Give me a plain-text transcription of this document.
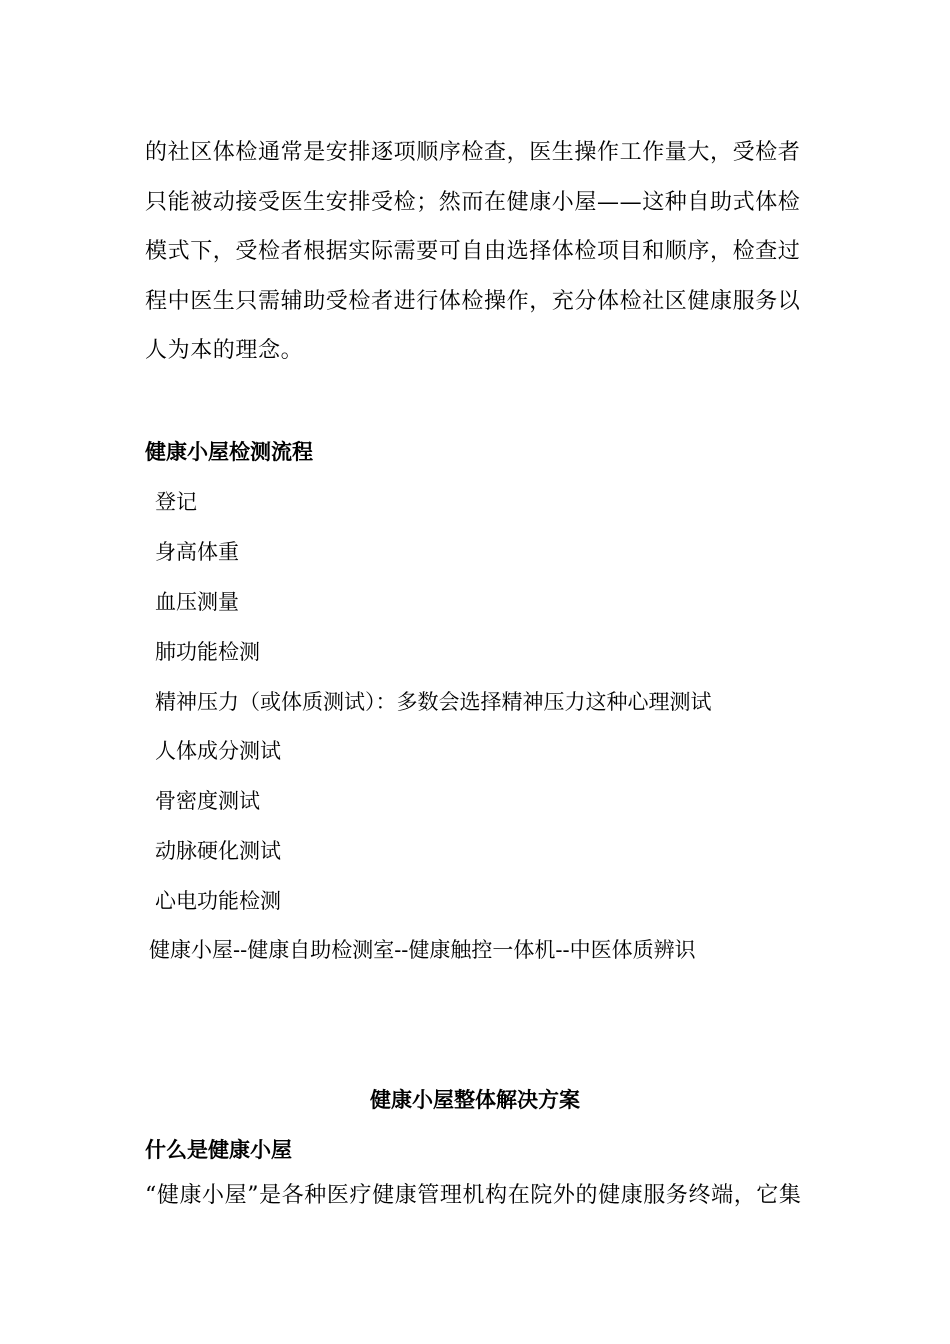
的社区体检通常是安排逐项顺序检查，医生操作工作量大，受检者
只能被动接受医生安排受检；然而在健康小屋——这种自助式体检
模式下，受检者根据实际需要可自由选择体检项目和顺序，检查过
程中医生只需辅助受检者进行体检操作，充分体检社区健康服务以
人为本的理念。
健康小屋检测流程
登记
身高体重
血压测量
肺功能检测
精神压力（或体质测试）：多数会选择精神压力这种心理测试
人体成分测试
骨密度测试
动脉硬化测试
心电功能检测
健康小屋--健康自助检测室--健康触控一体机--中医体质辨识
健康小屋整体解决方案
什么是健康小屋
“健康小屋”是各种医疗健康管理机构在院外的健康服务终端，它集
